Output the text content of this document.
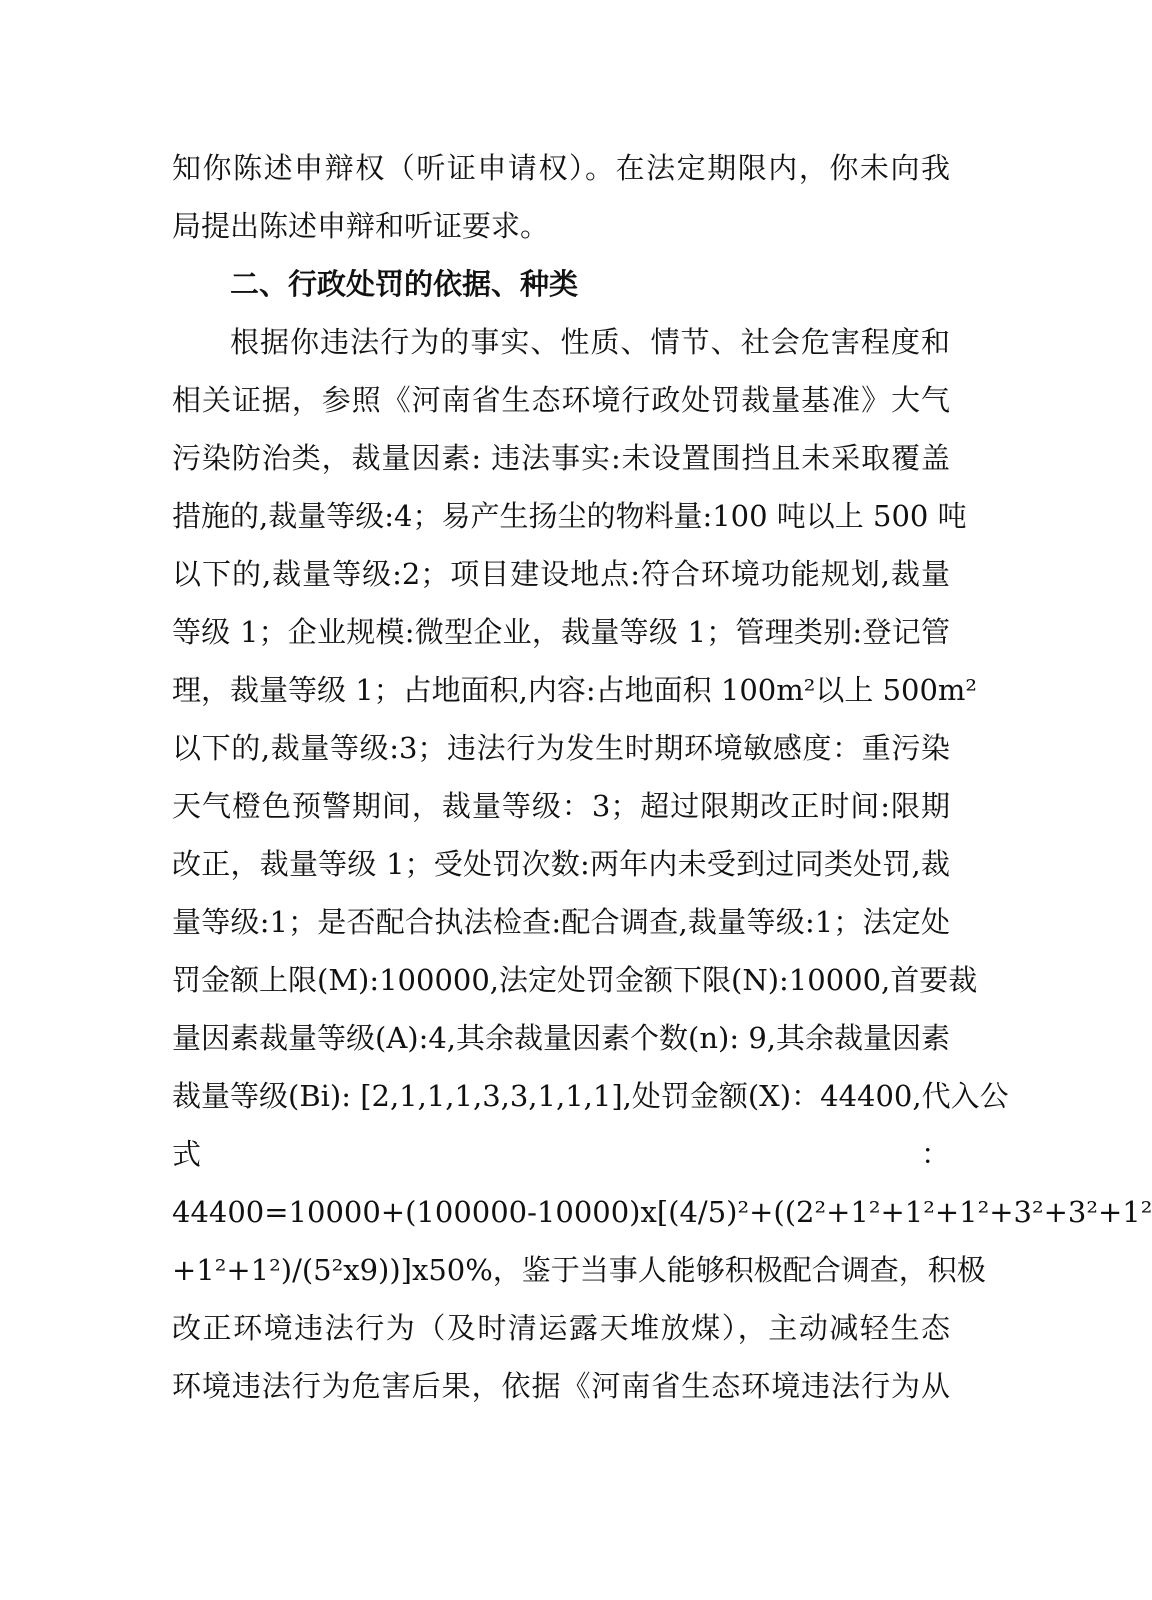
知你陈述申辩权（听证申请权）。在法定期限内，你未向我
局提出陈述申辩和听证要求。
二、行政处罚的依据、种类
根据你违法行为的事实、性质、情节、社会危害程度和
相关证据，参照《河南省生态环境行政处罚裁量基准》大气
污染防治类，裁量因素: 违法事实:未设置围挡且未采取覆盖
措施的,裁量等级:4；易产生扬尘的物料量:100 吨以上 500 吨
以下的,裁量等级:2；项目建设地点:符合环境功能规划,裁量
等级 1；企业规模:微型企业，裁量等级 1；管理类别:登记管
理，裁量等级 1；占地面积,内容:占地面积 100m²以上 500m²
以下的,裁量等级:3；违法行为发生时期环境敏感度：重污染
天气橙色预警期间，裁量等级：3；超过限期改正时间:限期
改正，裁量等级 1；受处罚次数:两年内未受到过同类处罚,裁
量等级:1；是否配合执法检查:配合调查,裁量等级:1；法定处
罚金额上限(M):100000,法定处罚金额下限(N):10000,首要裁
量因素裁量等级(A):4,其余裁量因素个数(n): 9,其余裁量因素
裁量等级(Bi): [2,1,1,1,3,3,1,1,1],处罚金额(X)：44400,代入公
式	：
44400=10000+(100000-10000)x[(4/5)²+((2²+1²+1²+1²+3²+3²+1²
+1²+1²)/(5²x9))]x50%，鉴于当事人能够积极配合调查，积极
改正环境违法行为（及时清运露天堆放煤），主动减轻生态
环境违法行为危害后果，依据《河南省生态环境违法行为从
